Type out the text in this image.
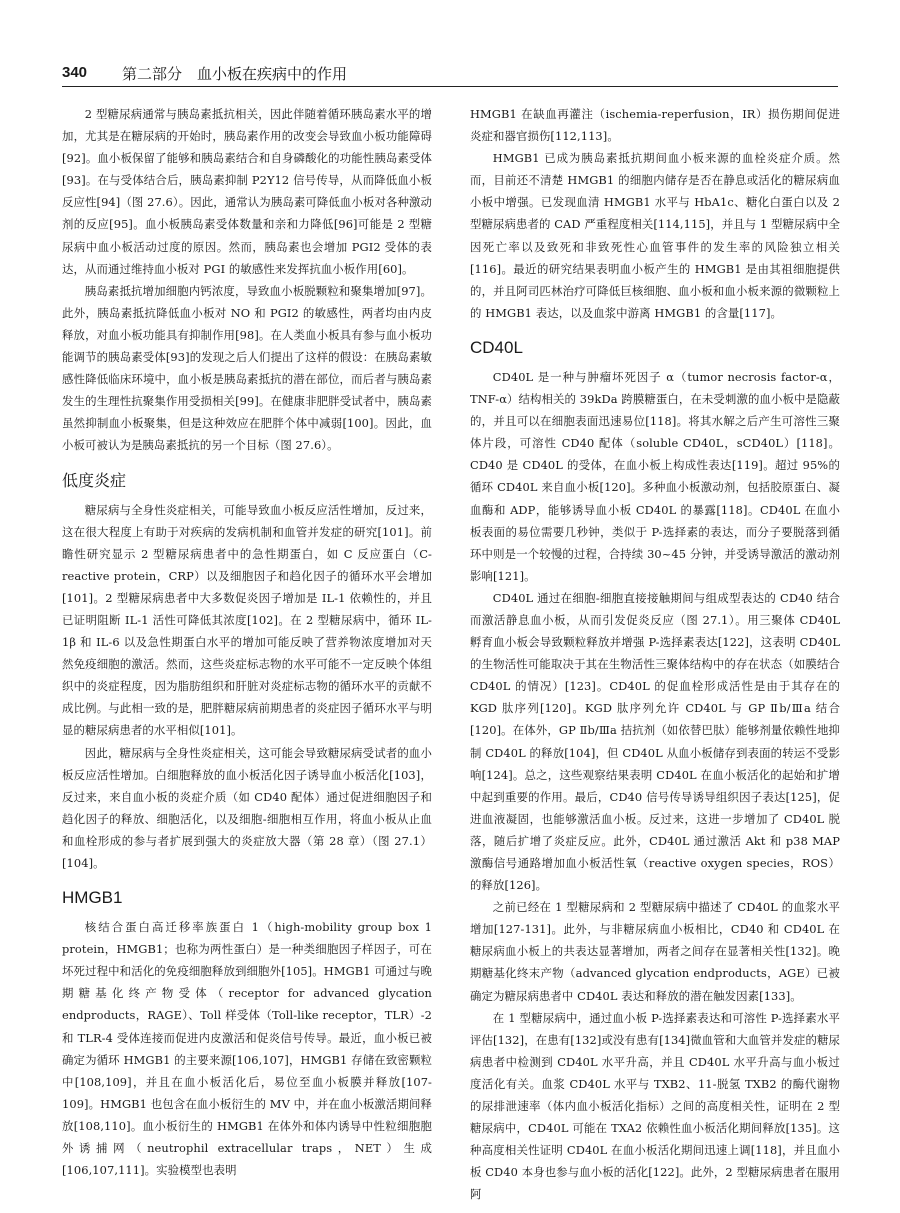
340 第二部分　血小板在疾病中的作用

2 型糖尿病通常与胰岛素抵抗相关，因此伴随着循环胰岛素水平的增加，尤其是在糖尿病的开始时，胰岛素作用的改变会导致血小板功能障碍[92]。血小板保留了能够和胰岛素结合和自身磷酸化的功能性胰岛素受体[93]。在与受体结合后，胰岛素抑制 P2Y12 信号传导，从而降低血小板反应性[94]（图 27.6）。因此，通常认为胰岛素可降低血小板对各种激动剂的反应[95]。血小板胰岛素受体数量和亲和力降低[96]可能是 2 型糖尿病中血小板活动过度的原因。然而，胰岛素也会增加 PGI2 受体的表达，从而通过维持血小板对 PGI 的敏感性来发挥抗血小板作用[60]。

胰岛素抵抗增加细胞内钙浓度，导致血小板脱颗粒和聚集增加[97]。此外，胰岛素抵抗降低血小板对 NO 和 PGI2 的敏感性，两者均由内皮释放，对血小板功能具有抑制作用[98]。在人类血小板具有参与血小板功能调节的胰岛素受体[93]的发现之后人们提出了这样的假设：在胰岛素敏感性降低临床环境中，血小板是胰岛素抵抗的潜在部位，而后者与胰岛素发生的生理性抗聚集作用受损相关[99]。在健康非肥胖受试者中，胰岛素虽然抑制血小板聚集，但是这种效应在肥胖个体中减弱[100]。因此，血小板可被认为是胰岛素抵抗的另一个目标（图 27.6）。

低度炎症

糖尿病与全身性炎症相关，可能导致血小板反应活性增加，反过来，这在很大程度上有助于对疾病的发病机制和血管并发症的研究[101]。前瞻性研究显示 2 型糖尿病患者中的急性期蛋白，如 C 反应蛋白（C-reactive protein，CRP）以及细胞因子和趋化因子的循环水平会增加[101]。2 型糖尿病患者中大多数促炎因子增加是 IL-1 依赖性的，并且已证明阻断 IL-1 活性可降低其浓度[102]。在 2 型糖尿病中，循环 IL-1β 和 IL-6 以及急性期蛋白水平的增加可能反映了营养物浓度增加对天然免疫细胞的激活。然而，这些炎症标志物的水平可能不一定反映个体组织中的炎症程度，因为脂肪组织和肝脏对炎症标志物的循环水平的贡献不成比例。与此相一致的是，肥胖糖尿病前期患者的炎症因子循环水平与明显的糖尿病患者的水平相似[101]。

因此，糖尿病与全身性炎症相关，这可能会导致糖尿病受试者的血小板反应活性增加。白细胞释放的血小板活化因子诱导血小板活化[103]，反过来，来自血小板的炎症介质（如 CD40 配体）通过促进细胞因子和趋化因子的释放、细胞活化，以及细胞-细胞相互作用，将血小板从止血和血栓形成的参与者扩展到强大的炎症放大器（第 28 章）（图 27.1）[104]。

HMGB1

核结合蛋白高迁移率族蛋白 1（high-mobility group box 1 protein，HMGB1；也称为两性蛋白）是一种类细胞因子样因子，可在坏死过程中和活化的免疫细胞释放到细胞外[105]。HMGB1 可通过与晚期糖基化终产物受体（receptor for advanced glycation endproducts，RAGE）、Toll 样受体（Toll-like receptor，TLR）-2 和 TLR-4 受体连接而促进内皮激活和促炎信号传导。最近，血小板已被确定为循环 HMGB1 的主要来源[106,107]，HMGB1 存储在致密颗粒中[108,109]，并且在血小板活化后，易位至血小板膜并释放[107-109]。HMGB1 也包含在血小板衍生的 MV 中，并在血小板激活期间释放[108,110]。血小板衍生的 HMGB1 在体外和体内诱导中性粒细胞胞外诱捕网（neutrophil extracellular traps，NET）生成[106,107,111]。实验模型也表明

HMGB1 在缺血再灌注（ischemia-reperfusion，IR）损伤期间促进炎症和器官损伤[112,113]。

HMGB1 已成为胰岛素抵抗期间血小板来源的血栓炎症介质。然而，目前还不清楚 HMGB1 的细胞内储存是否在静息或活化的糖尿病血小板中增强。已发现血清 HMGB1 水平与 HbA1c、糖化白蛋白以及 2 型糖尿病患者的 CAD 严重程度相关[114,115]，并且与 1 型糖尿病中全因死亡率以及致死和非致死性心血管事件的发生率的风险独立相关[116]。最近的研究结果表明血小板产生的 HMGB1 是由其祖细胞提供的，并且阿司匹林治疗可降低巨核细胞、血小板和血小板来源的微颗粒上的 HMGB1 表达，以及血浆中游离 HMGB1 的含量[117]。

CD40L

CD40L 是一种与肿瘤坏死因子 α（tumor necrosis factor-α，TNF-α）结构相关的 39kDa 跨膜糖蛋白，在未受刺激的血小板中是隐蔽的，并且可以在细胞表面迅速易位[118]。将其水解之后产生可溶性三聚体片段，可溶性 CD40 配体（soluble CD40L，sCD40L）[118]。CD40 是 CD40L 的受体，在血小板上构成性表达[119]。超过 95%的循环 CD40L 来自血小板[120]。多种血小板激动剂，包括胶原蛋白、凝血酶和 ADP，能够诱导血小板 CD40L 的暴露[118]。CD40L 在血小板表面的易位需要几秒钟，类似于 P-选择素的表达，而分子要脱落到循环中则是一个较慢的过程，合持续 30~45 分钟，并受诱导激活的激动剂影响[121]。

CD40L 通过在细胞-细胞直接接触期间与组成型表达的 CD40 结合而激活静息血小板，从而引发促炎反应（图 27.1）。用三聚体 CD40L 孵育血小板会导致颗粒释放并增强 P-选择素表达[122]，这表明 CD40L 的生物活性可能取决于其在生物活性三聚体结构中的存在状态（如膜结合 CD40L 的情况）[123]。CD40L 的促血栓形成活性是由于其存在的 KGD 肽序列[120]。KGD 肽序列允许 CD40L 与 GP Ⅱb/Ⅲa 结合[120]。在体外，GP Ⅱb/Ⅲa 拮抗剂（如依替巴肽）能够剂量依赖性地抑制 CD40L 的释放[104]，但 CD40L 从血小板储存到表面的转运不受影响[124]。总之，这些观察结果表明 CD40L 在血小板活化的起始和扩增中起到重要的作用。最后，CD40 信号传导诱导组织因子表达[125]，促进血液凝固，也能够激活血小板。反过来，这进一步增加了 CD40L 脱落，随后扩增了炎症反应。此外，CD40L 通过激活 Akt 和 p38 MAP 激酶信号通路增加血小板活性氧（reactive oxygen species，ROS）的释放[126]。

之前已经在 1 型糖尿病和 2 型糖尿病中描述了 CD40L 的血浆水平增加[127-131]。此外，与非糖尿病血小板相比，CD40 和 CD40L 在糖尿病血小板上的共表达显著增加，两者之间存在显著相关性[132]。晚期糖基化终末产物（advanced glycation endproducts，AGE）已被确定为糖尿病患者中 CD40L 表达和释放的潜在触发因素[133]。

在 1 型糖尿病中，通过血小板 P-选择素表达和可溶性 P-选择素水平评估[132]，在患有[132]或没有患有[134]微血管和大血管并发症的糖尿病患者中检测到 CD40L 水平升高，并且 CD40L 水平升高与血小板过度活化有关。血浆 CD40L 水平与 TXB2、11-脱氢 TXB2 的酶代谢物的尿排泄速率（体内血小板活化指标）之间的高度相关性，证明在 2 型糖尿病中，CD40L 可能在 TXA2 依赖性血小板活化期间释放[135]。这种高度相关性证明 CD40L 在血小板活化期间迅速上调[118]，并且血小板 CD40 本身也参与血小板的活化[122]。此外，2 型糖尿病患者在服用阿
